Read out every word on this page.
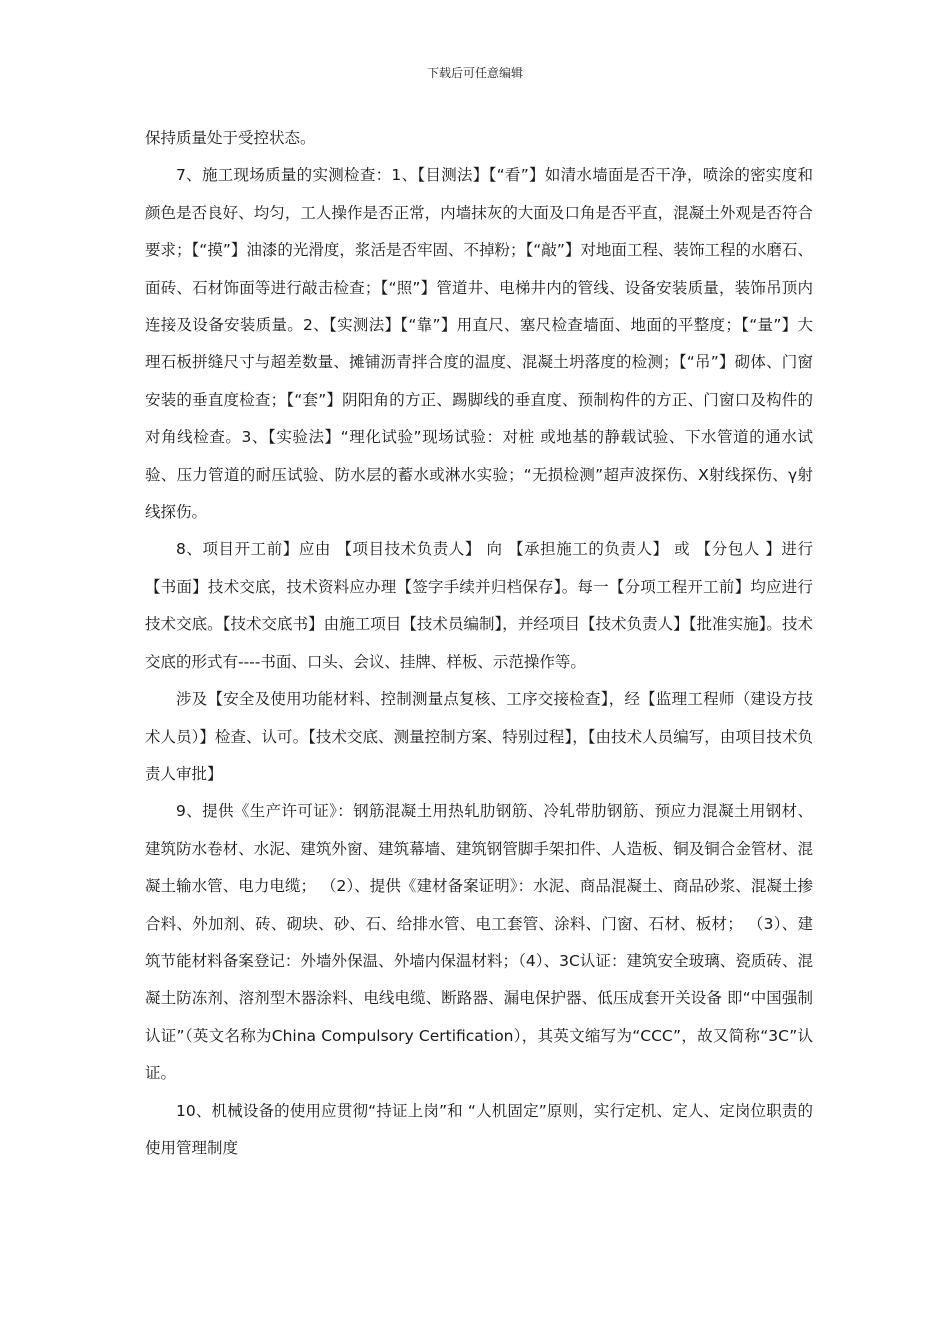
下载后可任意编辑

保持质量处于受控状态。

7、施工现场质量的实测检查：1、【目测法】【“看”】如清水墙面是否干净，喷涂的密实度和颜色是否良好、均匀，工人操作是否正常，内墙抹灰的大面及口角是否平直，混凝土外观是否符合要求；【“摸”】油漆的光滑度，浆活是否牢固、不掉粉；【“敲”】对地面工程、装饰工程的水磨石、面砖、石材饰面等进行敲击检查；【“照”】管道井、电梯井内的管线、设备安装质量，装饰吊顶内连接及设备安装质量。2、【实测法】【“靠”】用直尺、塞尺检查墙面、地面的平整度；【“量”】大理石板拼缝尺寸与超差数量、摊铺沥青拌合度的温度、混凝土坍落度的检测；【“吊”】砌体、门窗安装的垂直度检查；【“套”】阴阳角的方正、踢脚线的垂直度、预制构件的方正、门窗口及构件的对角线检查。3、【实验法】“理化试验”现场试验：对桩 或地基的静载试验、下水管道的通水试验、压力管道的耐压试验、防水层的蓄水或淋水实验；“无损检测”超声波探伤、X射线探伤、γ射线探伤。

8、项目开工前】应由 【项目技术负责人】 向 【承担施工的负责人】 或 【分包人 】进行【书面】技术交底，技术资料应办理【签字手续并归档保存】。每一【分项工程开工前】均应进行技术交底。【技术交底书】由施工项目【技术员编制】，并经项目【技术负责人】【批准实施】。技术交底的形式有----书面、口头、会议、挂牌、样板、示范操作等。

涉及【安全及使用功能材料、控制测量点复核、工序交接检查】，经【监理工程师（建设方技术人员）】检查、认可。【技术交底、测量控制方案、特别过程】，【由技术人员编写，由项目技术负责人审批】

9、提供《生产许可证》：钢筋混凝土用热轧肋钢筋、冷轧带肋钢筋、预应力混凝土用钢材、建筑防水卷材、水泥、建筑外窗、建筑幕墙、建筑钢管脚手架扣件、人造板、铜及铜合金管材、混凝土输水管、电力电缆； （2）、提供《建材备案证明》：水泥、商品混凝土、商品砂浆、混凝土掺合料、外加剂、砖、砌块、砂、石、给排水管、电工套管、涂料、门窗、石材、板材； （3）、建筑节能材料备案登记：外墙外保温、外墙内保温材料；（4）、3C认证：建筑安全玻璃、瓷质砖、混凝土防冻剂、溶剂型木器涂料、电线电缆、断路器、漏电保护器、低压成套开关设备 即“中国强制认证”（英文名称为China Compulsory Certification），其英文缩写为“CCC”，故又简称“3C”认证。

10、机械设备的使用应贯彻“持证上岗”和 “人机固定”原则，实行定机、定人、定岗位职责的使用管理制度
